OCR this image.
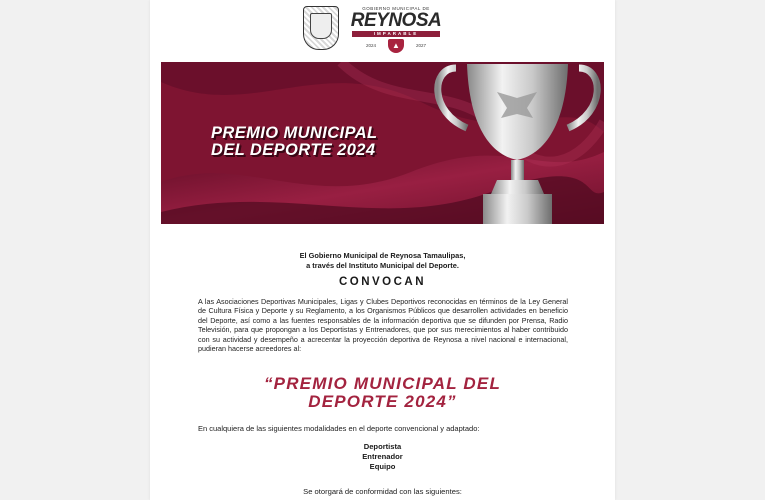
GOBIERNO MUNICIPAL DE
REYNOSA
IMPARABLE
2024	▲	2027
PREMIO MUNICIPAL
DEL DEPORTE 2024
El Gobierno Municipal de Reynosa Tamaulipas,
a través del Instituto Municipal del Deporte.
CONVOCAN
A las Asociaciones Deportivas Municipales, Ligas y Clubes Deportivos reconocidas en términos de la Ley General de Cultura Física y Deporte y su Reglamento, a los Organismos Públicos que desarrollen actividades en beneficio del Deporte, así como a las fuentes responsables de la información deportiva que se difunden por Prensa, Radio Televisión, para que propongan a los Deportistas y Entrenadores, que por sus merecimientos al haber contribuido con su actividad y desempeño a acrecentar la proyección deportiva de Reynosa a nivel nacional e internacional, pudieran hacerse acreedores al:
“PREMIO MUNICIPAL DEL
DEPORTE 2024”
En cualquiera de las siguientes modalidades en el deporte convencional y adaptado:
Deportista
Entrenador
Equipo
Se otorgará de conformidad con las siguientes:
